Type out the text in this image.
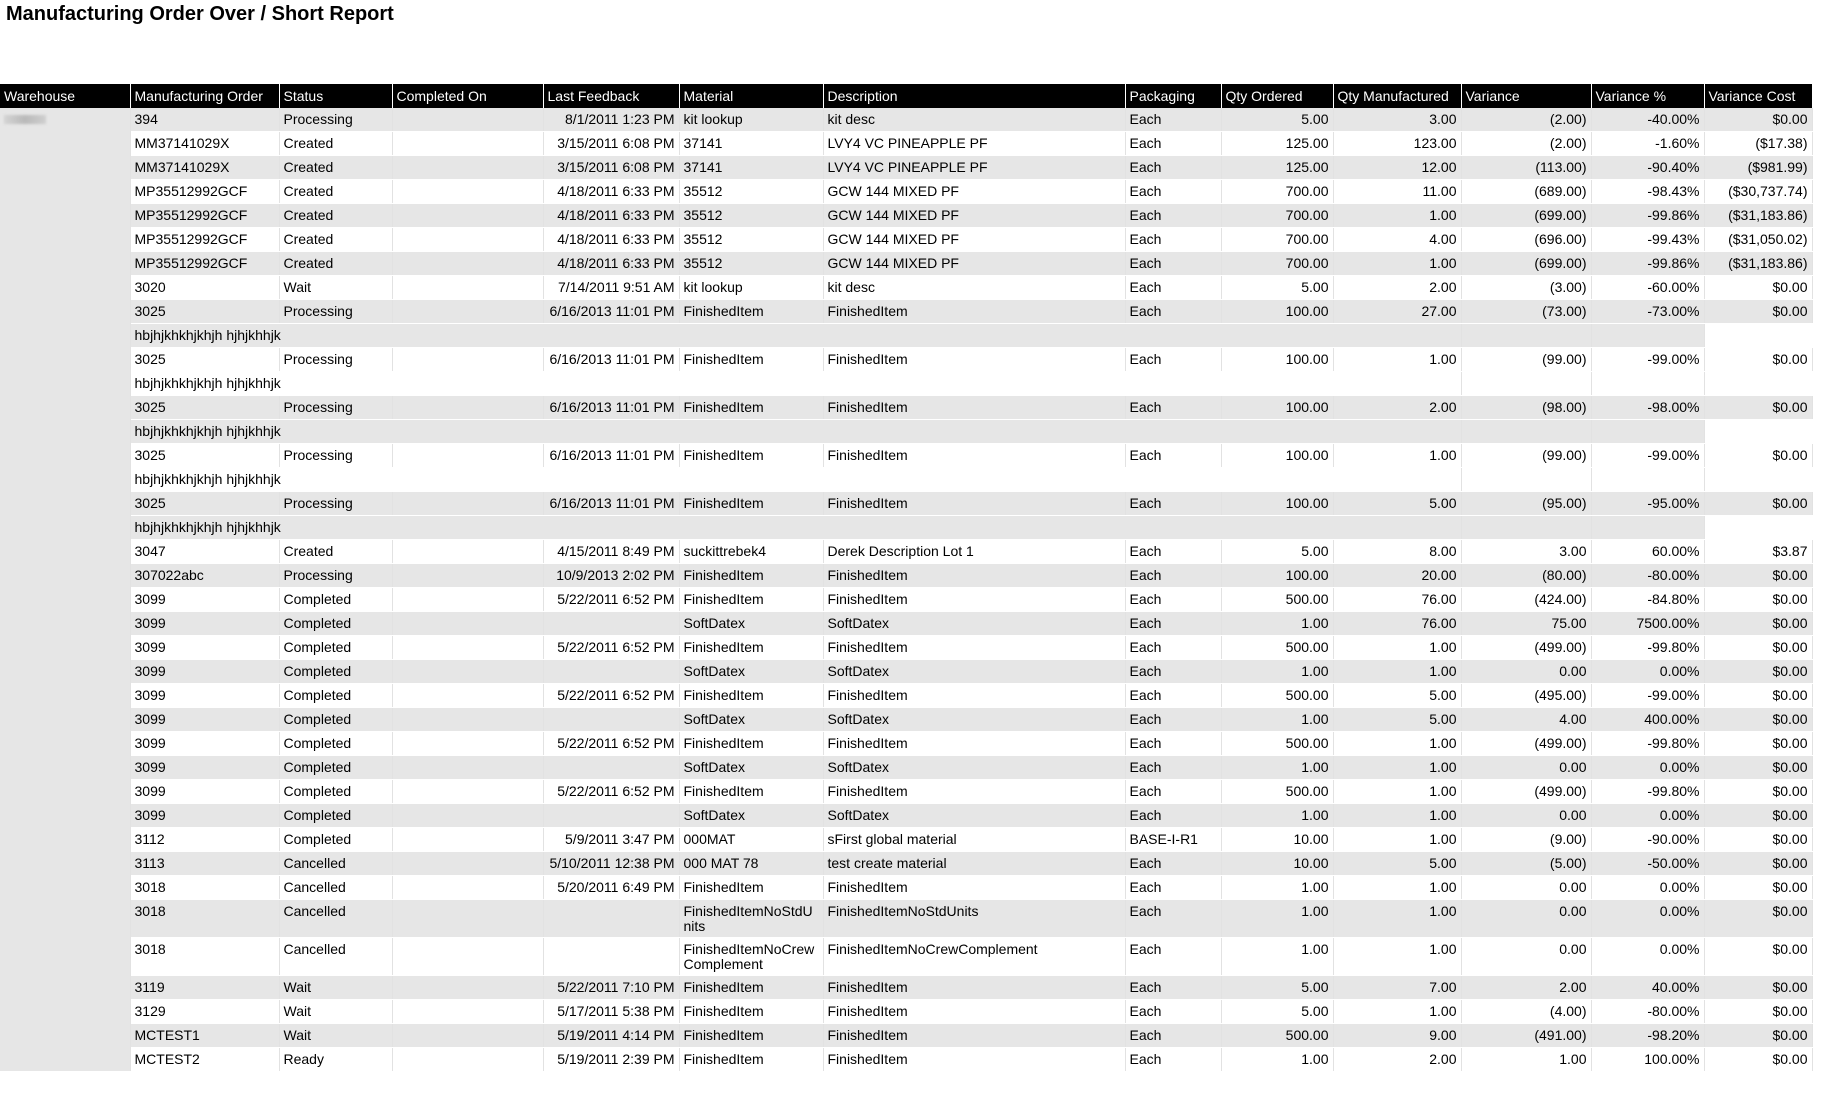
Manufacturing Order Over / Short Report
Warehouse	Manufacturing Order	Status	Completed On	Last Feedback	Material	Description	Packaging	Qty Ordered	Qty Manufactured	Variance	Variance %	Variance Cost
	394	Processing		8/1/2011 1:23 PM	kit lookup	kit desc	Each	5.00	3.00	(2.00)	-40.00%	$0.00
	MM37141029X	Created		3/15/2011 6:08 PM	37141	LVY4 VC PINEAPPLE PF	Each	125.00	123.00	(2.00)	-1.60%	($17.38)
	MM37141029X	Created		3/15/2011 6:08 PM	37141	LVY4 VC PINEAPPLE PF	Each	125.00	12.00	(113.00)	-90.40%	($981.99)
	MP35512992GCF	Created		4/18/2011 6:33 PM	35512	GCW 144 MIXED PF	Each	700.00	11.00	(689.00)	-98.43%	($30,737.74)
	MP35512992GCF	Created		4/18/2011 6:33 PM	35512	GCW 144 MIXED PF	Each	700.00	1.00	(699.00)	-99.86%	($31,183.86)
	MP35512992GCF	Created		4/18/2011 6:33 PM	35512	GCW 144 MIXED PF	Each	700.00	4.00	(696.00)	-99.43%	($31,050.02)
	MP35512992GCF	Created		4/18/2011 6:33 PM	35512	GCW 144 MIXED PF	Each	700.00	1.00	(699.00)	-99.86%	($31,183.86)
	3020	Wait		7/14/2011 9:51 AM	kit lookup	kit desc	Each	5.00	2.00	(3.00)	-60.00%	$0.00
	3025	Processing		6/16/2013 11:01 PM	FinishedItem	FinishedItem	Each	100.00	27.00	(73.00)	-73.00%	$0.00
	hbjhjkhkhjkhjh hjhjkhhjk											
	3025	Processing		6/16/2013 11:01 PM	FinishedItem	FinishedItem	Each	100.00	1.00	(99.00)	-99.00%	$0.00
	hbjhjkhkhjkhjh hjhjkhhjk											
	3025	Processing		6/16/2013 11:01 PM	FinishedItem	FinishedItem	Each	100.00	2.00	(98.00)	-98.00%	$0.00
	hbjhjkhkhjkhjh hjhjkhhjk											
	3025	Processing		6/16/2013 11:01 PM	FinishedItem	FinishedItem	Each	100.00	1.00	(99.00)	-99.00%	$0.00
	hbjhjkhkhjkhjh hjhjkhhjk											
	3025	Processing		6/16/2013 11:01 PM	FinishedItem	FinishedItem	Each	100.00	5.00	(95.00)	-95.00%	$0.00
	hbjhjkhkhjkhjh hjhjkhhjk											
	3047	Created		4/15/2011 8:49 PM	suckittrebek4	Derek Description Lot 1	Each	5.00	8.00	3.00	60.00%	$3.87
	307022abc	Processing		10/9/2013 2:02 PM	FinishedItem	FinishedItem	Each	100.00	20.00	(80.00)	-80.00%	$0.00
	3099	Completed		5/22/2011 6:52 PM	FinishedItem	FinishedItem	Each	500.00	76.00	(424.00)	-84.80%	$0.00
	3099	Completed			SoftDatex	SoftDatex	Each	1.00	76.00	75.00	7500.00%	$0.00
	3099	Completed		5/22/2011 6:52 PM	FinishedItem	FinishedItem	Each	500.00	1.00	(499.00)	-99.80%	$0.00
	3099	Completed			SoftDatex	SoftDatex	Each	1.00	1.00	0.00	0.00%	$0.00
	3099	Completed		5/22/2011 6:52 PM	FinishedItem	FinishedItem	Each	500.00	5.00	(495.00)	-99.00%	$0.00
	3099	Completed			SoftDatex	SoftDatex	Each	1.00	5.00	4.00	400.00%	$0.00
	3099	Completed		5/22/2011 6:52 PM	FinishedItem	FinishedItem	Each	500.00	1.00	(499.00)	-99.80%	$0.00
	3099	Completed			SoftDatex	SoftDatex	Each	1.00	1.00	0.00	0.00%	$0.00
	3099	Completed		5/22/2011 6:52 PM	FinishedItem	FinishedItem	Each	500.00	1.00	(499.00)	-99.80%	$0.00
	3099	Completed			SoftDatex	SoftDatex	Each	1.00	1.00	0.00	0.00%	$0.00
	3112	Completed		5/9/2011 3:47 PM	000MAT	sFirst global material	BASE-I-R1	10.00	1.00	(9.00)	-90.00%	$0.00
	3113	Cancelled		5/10/2011 12:38 PM	000 MAT 78	test create material	Each	10.00	5.00	(5.00)	-50.00%	$0.00
	3018	Cancelled		5/20/2011 6:49 PM	FinishedItem	FinishedItem	Each	1.00	1.00	0.00	0.00%	$0.00
	3018	Cancelled			FinishedItemNoStdUnits	FinishedItemNoStdUnits	Each	1.00	1.00	0.00	0.00%	$0.00
	3018	Cancelled			FinishedItemNoCrewComplement	FinishedItemNoCrewComplement	Each	1.00	1.00	0.00	0.00%	$0.00
	3119	Wait		5/22/2011 7:10 PM	FinishedItem	FinishedItem	Each	5.00	7.00	2.00	40.00%	$0.00
	3129	Wait		5/17/2011 5:38 PM	FinishedItem	FinishedItem	Each	5.00	1.00	(4.00)	-80.00%	$0.00
	MCTEST1	Wait		5/19/2011 4:14 PM	FinishedItem	FinishedItem	Each	500.00	9.00	(491.00)	-98.20%	$0.00
	MCTEST2	Ready		5/19/2011 2:39 PM	FinishedItem	FinishedItem	Each	1.00	2.00	1.00	100.00%	$0.00
